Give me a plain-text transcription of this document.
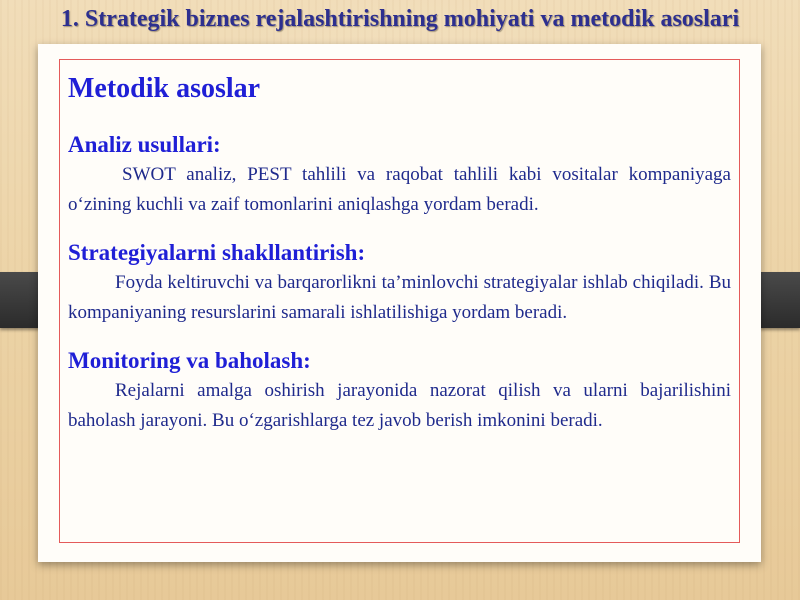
1. Strategik biznes rejalashtirishning mohiyati va metodik asoslari
Metodik asoslar
Analiz usullari:

SWOT analiz, PEST tahlili va raqobat tahlili kabi vositalar kompaniyaga o‘zining kuchli va zaif tomonlarini aniqlashga yordam beradi.

Strategiyalarni shakllantirish:

Foyda keltiruvchi va barqarorlikni ta’minlovchi strategiyalar ishlab chiqiladi. Bu kompaniyaning resurslarini samarali ishlatilishiga yordam beradi.

Monitoring va baholash:

Rejalarni amalga oshirish jarayonida nazorat qilish va ularni bajarilishini baholash jarayoni. Bu o‘zgarishlarga tez javob berish imkonini beradi.
